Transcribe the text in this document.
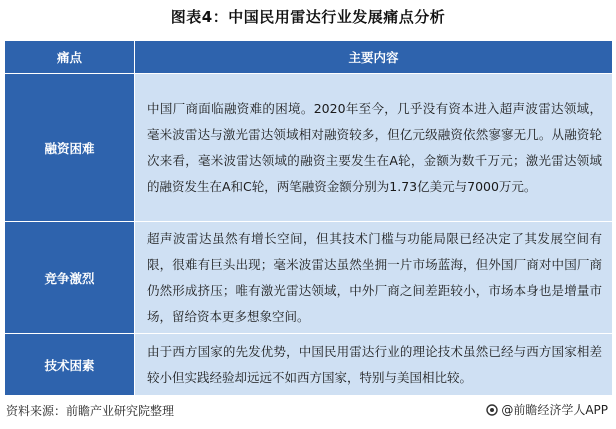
图表4：中国民用雷达行业发展痛点分析
痛点	主要内容
融资困难	中国厂商面临融资难的困境。2020年至今，几乎没有资本进入超声波雷达领域，毫米波雷达与激光雷达领域相对融资较多，但亿元级融资依然寥寥无几。从融资轮次来看，毫米波雷达领域的融资主要发生在A轮，金额为数千万元；激光雷达领域的融资发生在A和C轮，两笔融资金额分别为1.73亿美元与7000万元。

竞争激烈	超声波雷达虽然有增长空间，但其技术门槛与功能局限已经决定了其发展空间有限，很难有巨头出现；毫米波雷达虽然坐拥一片市场蓝海，但外国厂商对中国厂商仍然形成挤压；唯有激光雷达领域，中外厂商之间差距较小，市场本身也是增量市场，留给资本更多想象空间。

技术困素	由于西方国家的先发优势，中国民用雷达行业的理论技术虽然已经与西方国家相差较小但实践经验却远远不如西方国家，特别与美国相比较。

资料来源：前瞻产业研究院整理	@前瞻经济学人APP
